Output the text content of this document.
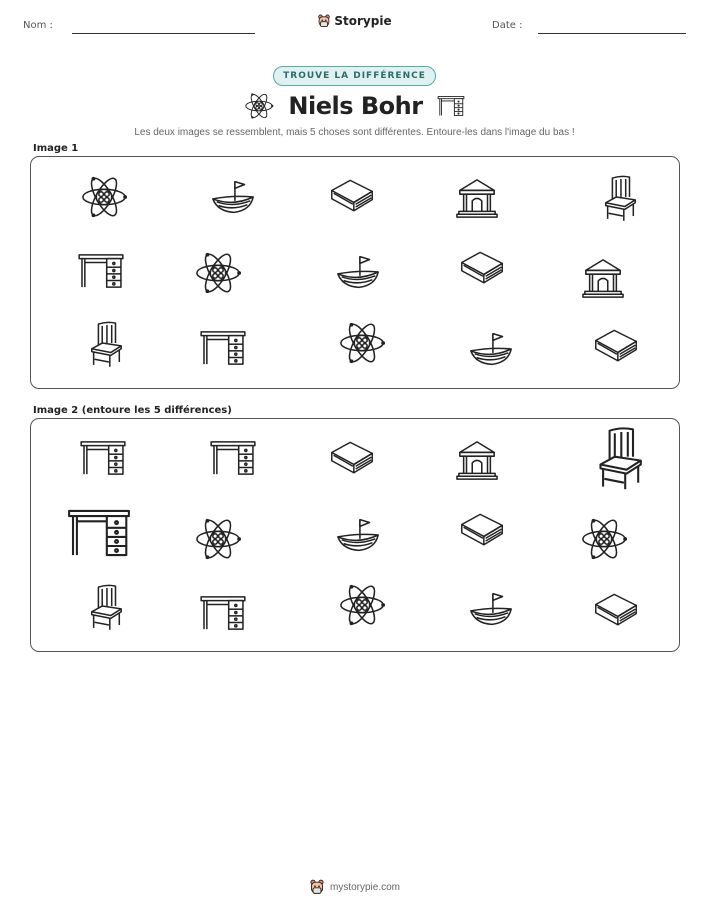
Nom :	Storypie	Date :
TROUVE LA DIFFÉRENCE
Niels Bohr
Les deux images se ressemblent, mais 5 choses sont différentes. Entoure-les dans l'image du bas !
Image 1
Image 2 (entoure les 5 différences)
mystorypie.com
